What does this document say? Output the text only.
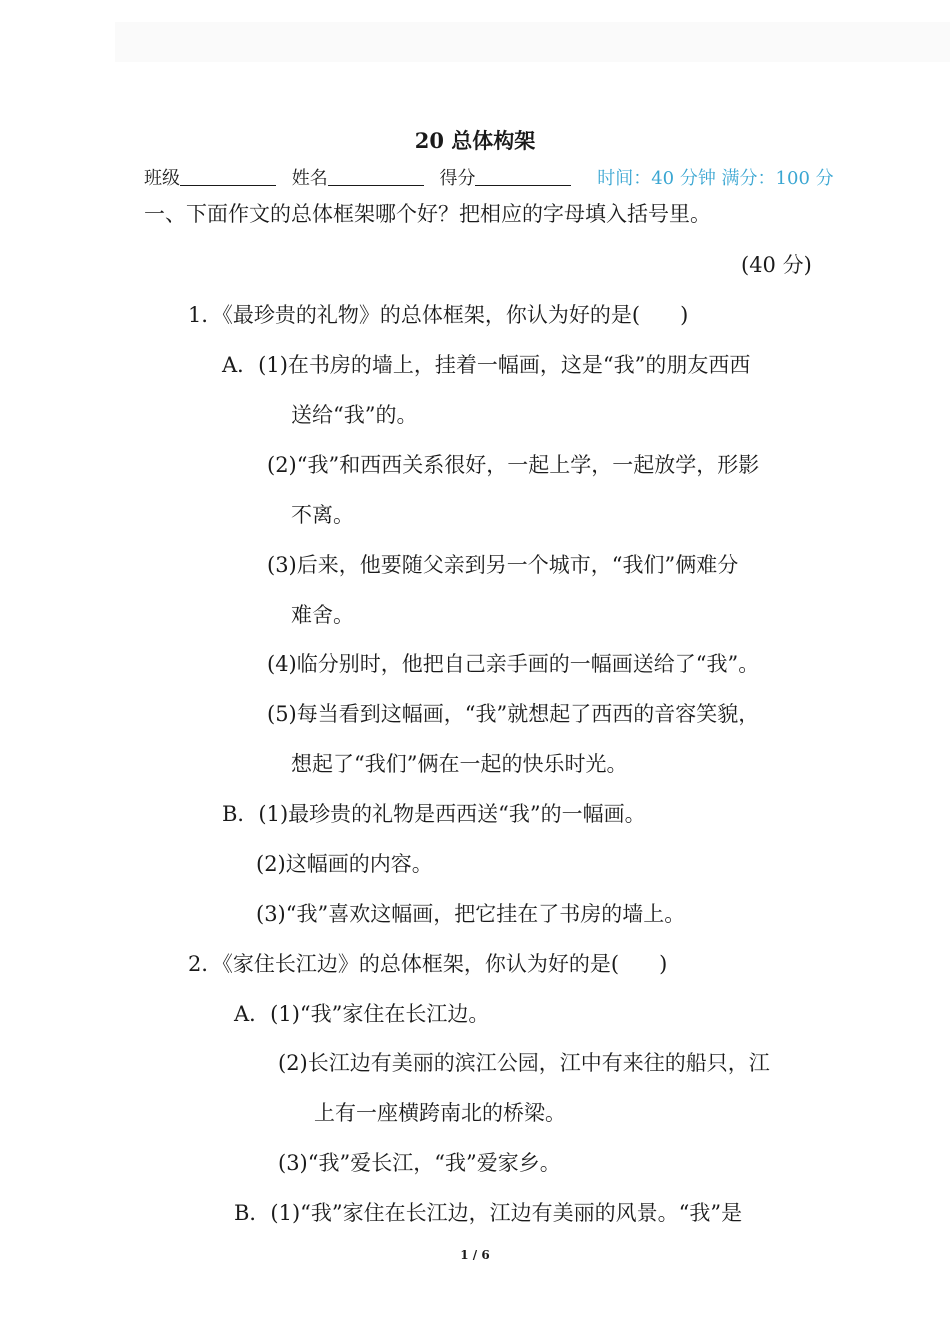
20 总体构架
班级	姓名	得分	时间：40 分钟 满分：100 分
一、下面作文的总体框架哪个好？把相应的字母填入括号里。
(40 分)
1．《最珍贵的礼物》的总体框架，你认为好的是( )
A．(1)在书房的墙上，挂着一幅画，这是“我”的朋友西西
送给“我”的。
(2)“我”和西西关系很好，一起上学，一起放学，形影
不离。
(3)后来，他要随父亲到另一个城市，“我们”俩难分
难舍。
(4)临分别时，他把自己亲手画的一幅画送给了“我”。
(5)每当看到这幅画，“我”就想起了西西的音容笑貌，
想起了“我们”俩在一起的快乐时光。
B．(1)最珍贵的礼物是西西送“我”的一幅画。
(2)这幅画的内容。
(3)“我”喜欢这幅画，把它挂在了书房的墙上。
2．《家住长江边》的总体框架，你认为好的是( )
A．(1)“我”家住在长江边。
(2)长江边有美丽的滨江公园，江中有来往的船只，江
上有一座横跨南北的桥梁。
(3)“我”爱长江，“我”爱家乡。
B．(1)“我”家住在长江边，江边有美丽的风景。“我”是
1 / 6
